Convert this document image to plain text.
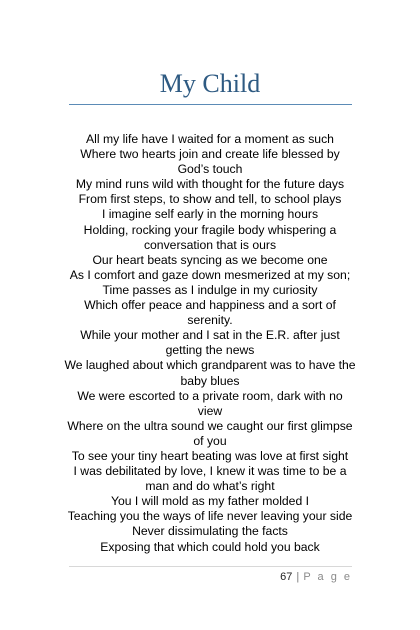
My Child
All my life have I waited for a moment as such
Where two hearts join and create life blessed by
God’s touch
My mind runs wild with thought for the future days
From first steps, to show and tell, to school plays
I imagine self early in the morning hours
Holding, rocking your fragile body whispering a
conversation that is ours
Our heart beats syncing as we become one
As I comfort and gaze down mesmerized at my son;
Time passes as I indulge in my curiosity
Which offer peace and happiness and a sort of
serenity.
While your mother and I sat in the E.R. after just
getting the news
We laughed about which grandparent was to have the
baby blues
We were escorted to a private room, dark with no
view
Where on the ultra sound we caught our first glimpse
of you
To see your tiny heart beating was love at first sight
I was debilitated by love, I knew it was time to be a
man and do what’s right
You I will mold as my father molded I
Teaching you the ways of life never leaving your side
Never dissimulating the facts
Exposing that which could hold you back
67 | P a g e
